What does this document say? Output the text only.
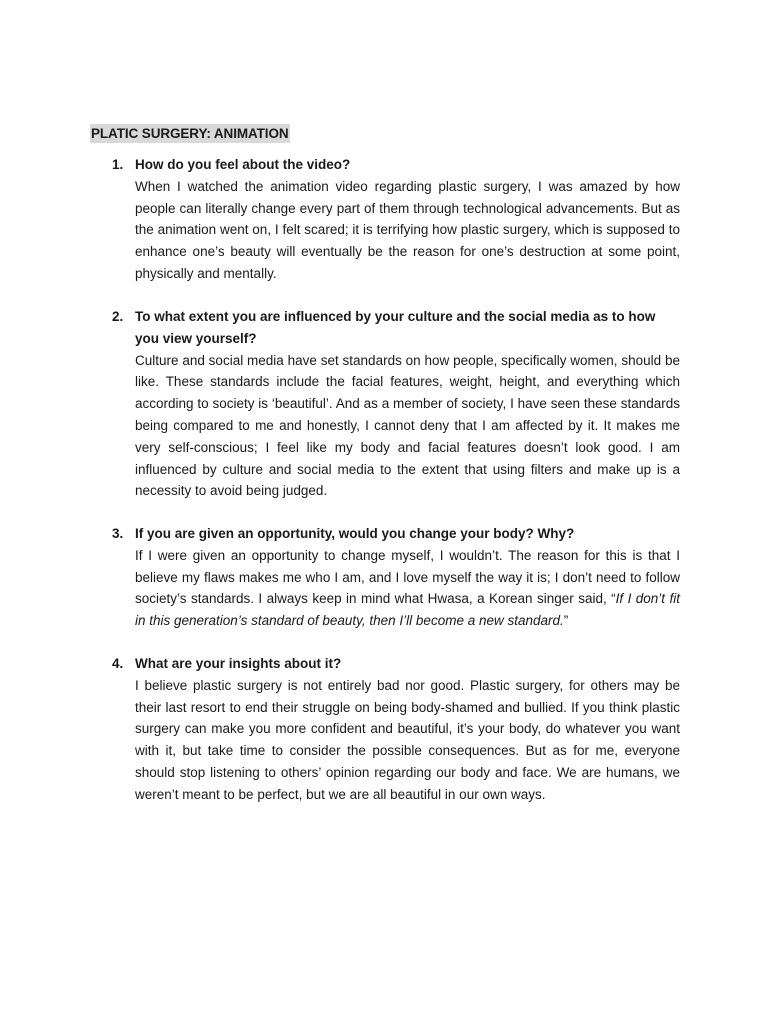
PLATIC SURGERY: ANIMATION
1. How do you feel about the video?
When I watched the animation video regarding plastic surgery, I was amazed by how people can literally change every part of them through technological advancements. But as the animation went on, I felt scared; it is terrifying how plastic surgery, which is supposed to enhance one’s beauty will eventually be the reason for one’s destruction at some point, physically and mentally.
2. To what extent you are influenced by your culture and the social media as to how you view yourself?
Culture and social media have set standards on how people, specifically women, should be like. These standards include the facial features, weight, height, and everything which according to society is ‘beautiful’. And as a member of society, I have seen these standards being compared to me and honestly, I cannot deny that I am affected by it. It makes me very self-conscious; I feel like my body and facial features doesn’t look good. I am influenced by culture and social media to the extent that using filters and make up is a necessity to avoid being judged.
3. If you are given an opportunity, would you change your body? Why?
If I were given an opportunity to change myself, I wouldn’t. The reason for this is that I believe my flaws makes me who I am, and I love myself the way it is; I don’t need to follow society’s standards. I always keep in mind what Hwasa, a Korean singer said, “If I don’t fit in this generation’s standard of beauty, then I’ll become a new standard.”
4. What are your insights about it?
I believe plastic surgery is not entirely bad nor good. Plastic surgery, for others may be their last resort to end their struggle on being body-shamed and bullied. If you think plastic surgery can make you more confident and beautiful, it’s your body, do whatever you want with it, but take time to consider the possible consequences. But as for me, everyone should stop listening to others’ opinion regarding our body and face. We are humans, we weren’t meant to be perfect, but we are all beautiful in our own ways.
